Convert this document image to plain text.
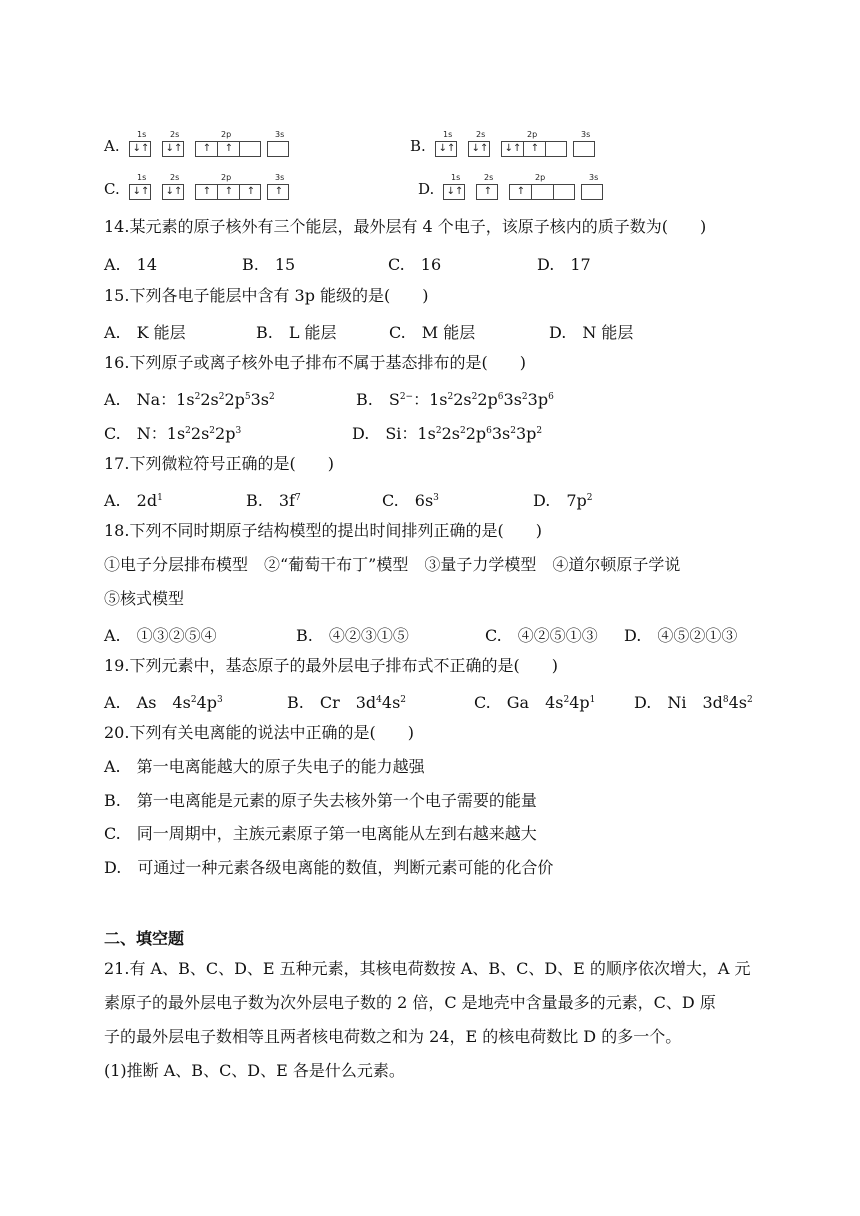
A.
1s
↓↑
2s
↓↑
2p
↑	↑
3s
B.
1s
↓↑
2s
↓↑
2p
↓↑ ↑
3s
C.
1s
↓↑
2s
↓↑
2p
↑	↑	↑
3s
↑	D.
1s
↓↑
2s
↑
2p
↑
3s
14.某元素的原子核外有三个能层，最外层有 4 个电子，该原子核内的质子数为(　　)
A.　14	B.　15	C.　16	D.　17
15.下列各电子能层中含有 3p 能级的是(　　)
A.　K 能层	B.　L 能层	C.　M 能层	D.　N 能层
16.下列原子或离子核外电子排布不属于基态排布的是(　　)
A.　Na：$1s^22s^22p^53s^2$	B.　$S^{2-}$：$1s^22s^22p^63s^23p^6$
C.　N：$1s^22s^22p^3$	D.　Si：$1s^22s^22p^63s^23p^2$
17.下列微粒符号正确的是(　　)
A.　$2d^1$	B.　$3f^7$	C.　$6s^3$	D.　$7p^2$
18.下列不同时期原子结构模型的提出时间排列正确的是(　　)
①电子分层排布模型　②“葡萄干布丁”模型　③量子力学模型　④道尔顿原子学说
⑤核式模型
A.　①③②⑤④	B.　④②③①⑤	C.　④②⑤①③ D.　④⑤②①③
19.下列元素中，基态原子的最外层电子排布式不正确的是(　　)
A.　As　$4s^24p^3$	B.　Cr　$3d^44s^2$	C.　Ga　$4s^24p^1$ D.　Ni　$3d^84s^2$
20.下列有关电离能的说法中正确的是(　　)
A.　第一电离能越大的原子失电子的能力越强
B.　第一电离能是元素的原子失去核外第一个电子需要的能量
C.　同一周期中，主族元素原子第一电离能从左到右越来越大
D.　可通过一种元素各级电离能的数值，判断元素可能的化合价
二、填空题
21.有 A、B、C、D、E 五种元素，其核电荷数按 A、B、C、D、E 的顺序依次增大，A 元
素原子的最外层电子数为次外层电子数的 2 倍，C 是地壳中含量最多的元素，C、D 原
子的最外层电子数相等且两者核电荷数之和为 24，E 的核电荷数比 D 的多一个。
(1)推断 A、B、C、D、E 各是什么元素。
